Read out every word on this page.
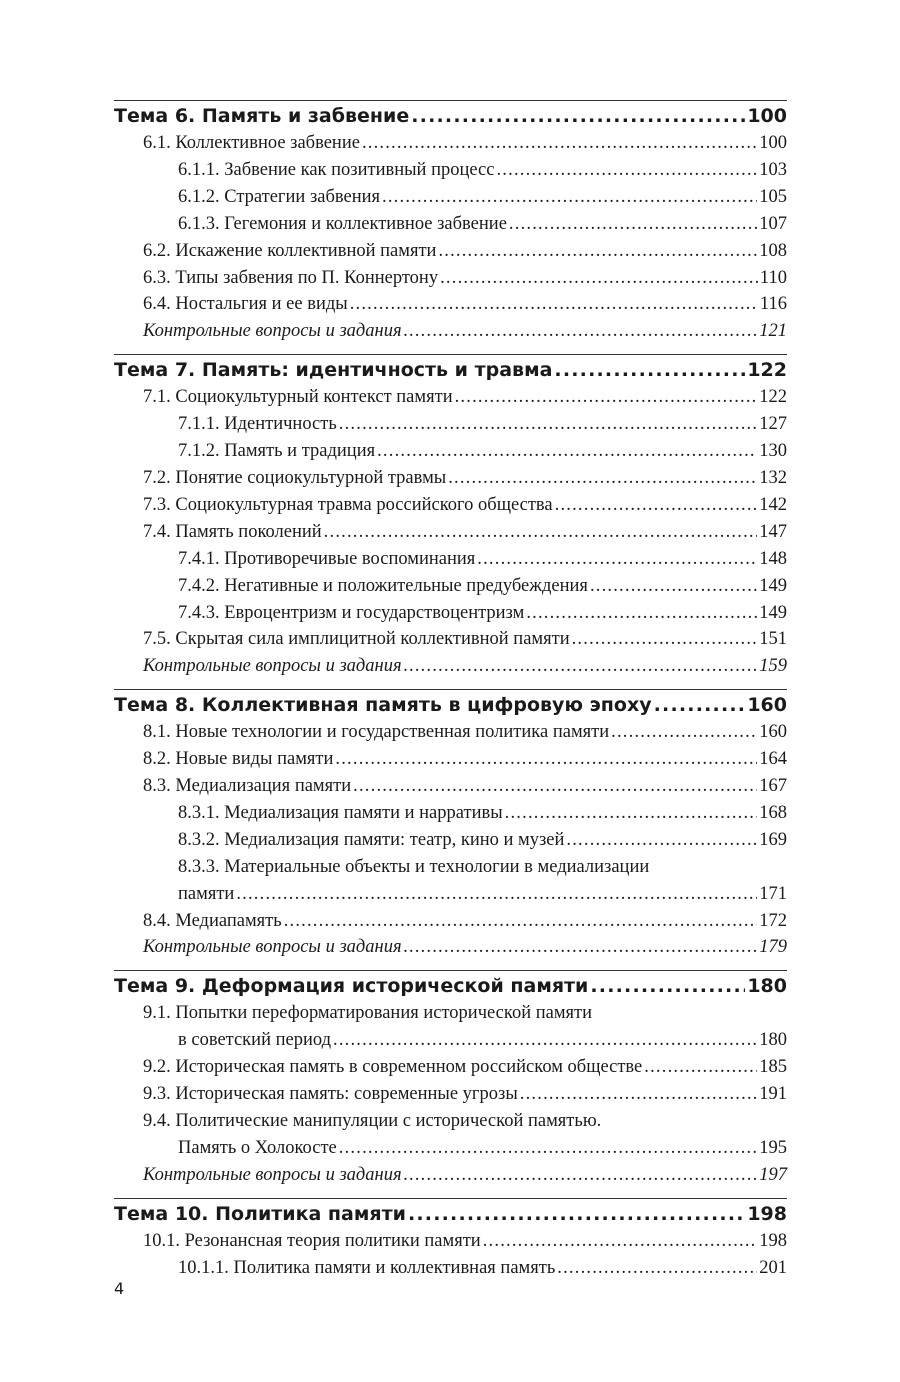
Тема 6. Память и забвение .....	100
6.1. Коллективное забвение .....	100
6.1.1. Забвение как позитивный процесс .....	103
6.1.2. Стратегии забвения .....	105
6.1.3. Гегемония и коллективное забвение .....	107
6.2. Искажение коллективной памяти .....	108
6.3. Типы забвения по П. Коннертону .....	110
6.4. Ностальгия и ее виды .....	116
Контрольные вопросы и задания .....	121
Тема 7. Память: идентичность и травма .....	122
7.1. Социокультурный контекст памяти .....	122
7.1.1. Идентичность .....	127
7.1.2. Память и традиция .....	130
7.2. Понятие социокультурной травмы .....	132
7.3. Социокультурная травма российского общества .....	142
7.4. Память поколений .....	147
7.4.1. Противоречивые воспоминания .....	148
7.4.2. Негативные и положительные предубеждения .....	149
7.4.3. Евроцентризм и государствоцентризм .....	149
7.5. Скрытая сила имплицитной коллективной памяти .....	151
Контрольные вопросы и задания .....	159
Тема 8. Коллективная память в цифровую эпоху .....	160
8.1. Новые технологии и государственная политика памяти .....	160
8.2. Новые виды памяти .....	164
8.3. Медиализация памяти .....	167
8.3.1. Медиализация памяти и нарративы .....	168
8.3.2. Медиализация памяти: театр, кино и музей .....	169
8.3.3. Материальные объекты и технологии в медиализации
памяти .....	171
8.4. Медиапамять .....	172
Контрольные вопросы и задания .....	179
Тема 9. Деформация исторической памяти .....	180
9.1. Попытки переформатирования исторической памяти
в советский период .....	180
9.2. Историческая память в современном российском обществе .....	185
9.3. Историческая память: современные угрозы .....	191
9.4. Политические манипуляции с исторической памятью.
Память о Холокосте .....	195
Контрольные вопросы и задания .....	197
Тема 10. Политика памяти .....	198
10.1. Резонансная теория политики памяти .....	198
10.1.1. Политика памяти и коллективная память .....	201
4
